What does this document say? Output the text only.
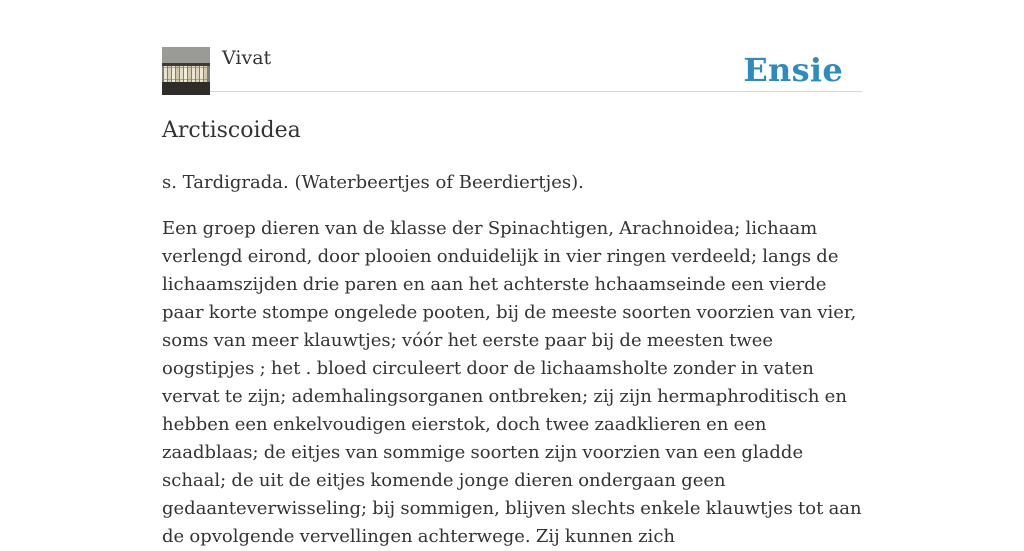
Vivat	Ensie
Arctiscoidea

s. Tardigrada. (Waterbeertjes of Beerdiertjes).

Een groep dieren van de klasse der Spinachtigen, Arachnoidea; lichaam verlengd eirond, door plooien onduidelijk in vier ringen verdeeld; langs de lichaamszijden drie paren en aan het achterste hchaamseinde een vierde paar korte stompe ongelede pooten, bij de meeste soorten voorzien van vier, soms van meer klauwtjes; vóór het eerste paar bij de meesten twee oogstipjes ; het . bloed circuleert door de lichaamsholte zonder in vaten vervat te zijn; ademhalingsorganen ontbreken; zij zijn hermaphroditisch en hebben een enkelvoudigen eierstok, doch twee zaadklieren en een zaadblaas; de eitjes van sommige soorten zijn voorzien van een gladde schaal; de uit de eitjes komende jonge dieren ondergaan geen gedaanteverwisseling; bij sommigen, blijven slechts enkele klauwtjes tot aan de opvolgende vervellingen achterwege. Zij kunnen zich
